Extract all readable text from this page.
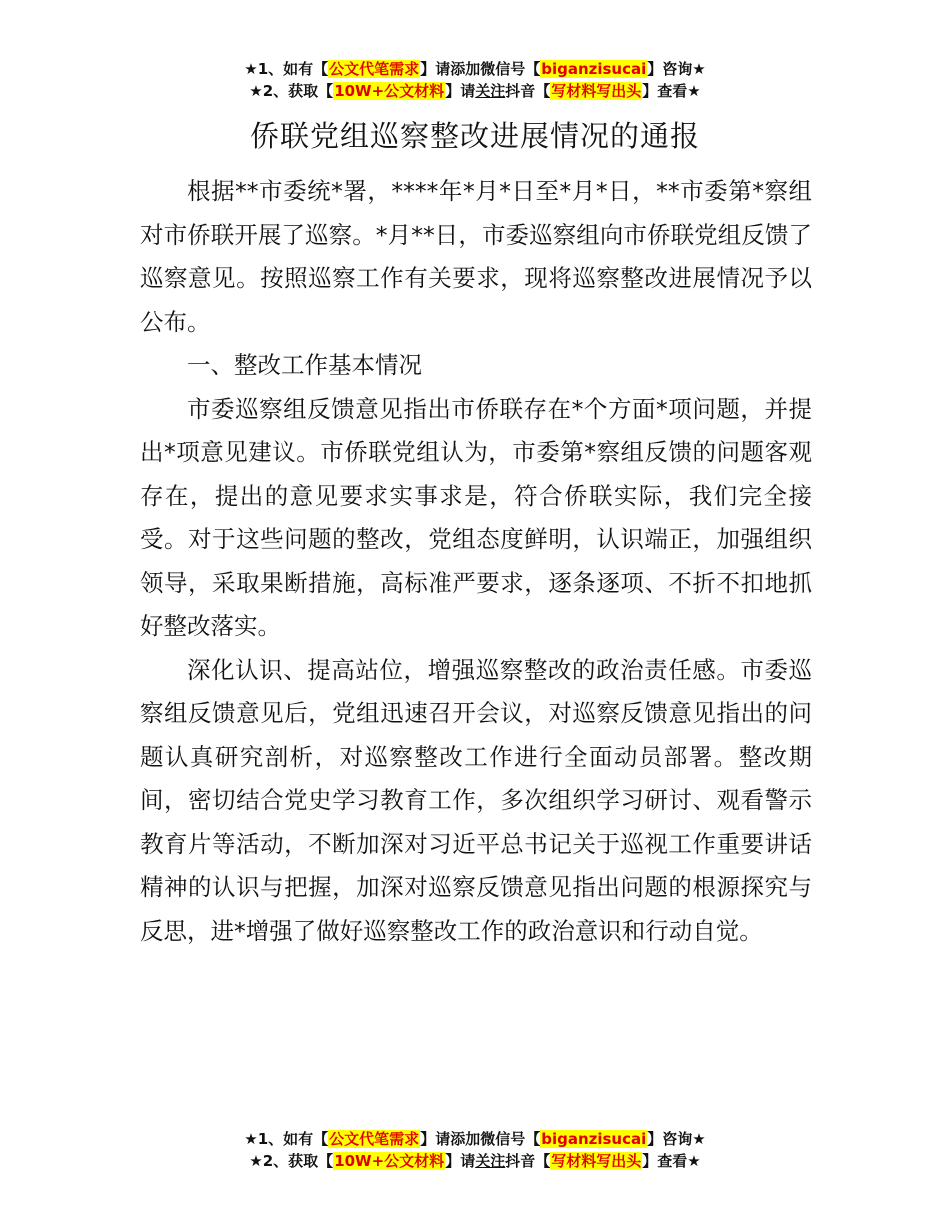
★1、如有【公文代笔需求】请添加微信号【biganzisucai】咨询★
★2、获取【10W+公文材料】请关注抖音【写材料写出头】查看★
侨联党组巡察整改进展情况的通报

根据**市委统*署，****年*月*日至*月*日，**市委第*察组对市侨联开展了巡察。*月**日，市委巡察组向市侨联党组反馈了巡察意见。按照巡察工作有关要求，现将巡察整改进展情况予以公布。

一、整改工作基本情况

市委巡察组反馈意见指出市侨联存在*个方面*项问题，并提出*项意见建议。市侨联党组认为，市委第*察组反馈的问题客观存在，提出的意见要求实事求是，符合侨联实际，我们完全接受。对于这些问题的整改，党组态度鲜明，认识端正，加强组织领导，采取果断措施，高标准严要求，逐条逐项、不折不扣地抓好整改落实。

深化认识、提高站位，增强巡察整改的政治责任感。市委巡察组反馈意见后，党组迅速召开会议，对巡察反馈意见指出的问题认真研究剖析，对巡察整改工作进行全面动员部署。整改期间，密切结合党史学习教育工作，多次组织学习研讨、观看警示教育片等活动，不断加深对习近平总书记关于巡视工作重要讲话精神的认识与把握，加深对巡察反馈意见指出问题的根源探究与反思，进*增强了做好巡察整改工作的政治意识和行动自觉。

★1、如有【公文代笔需求】请添加微信号【biganzisucai】咨询★
★2、获取【10W+公文材料】请关注抖音【写材料写出头】查看★
